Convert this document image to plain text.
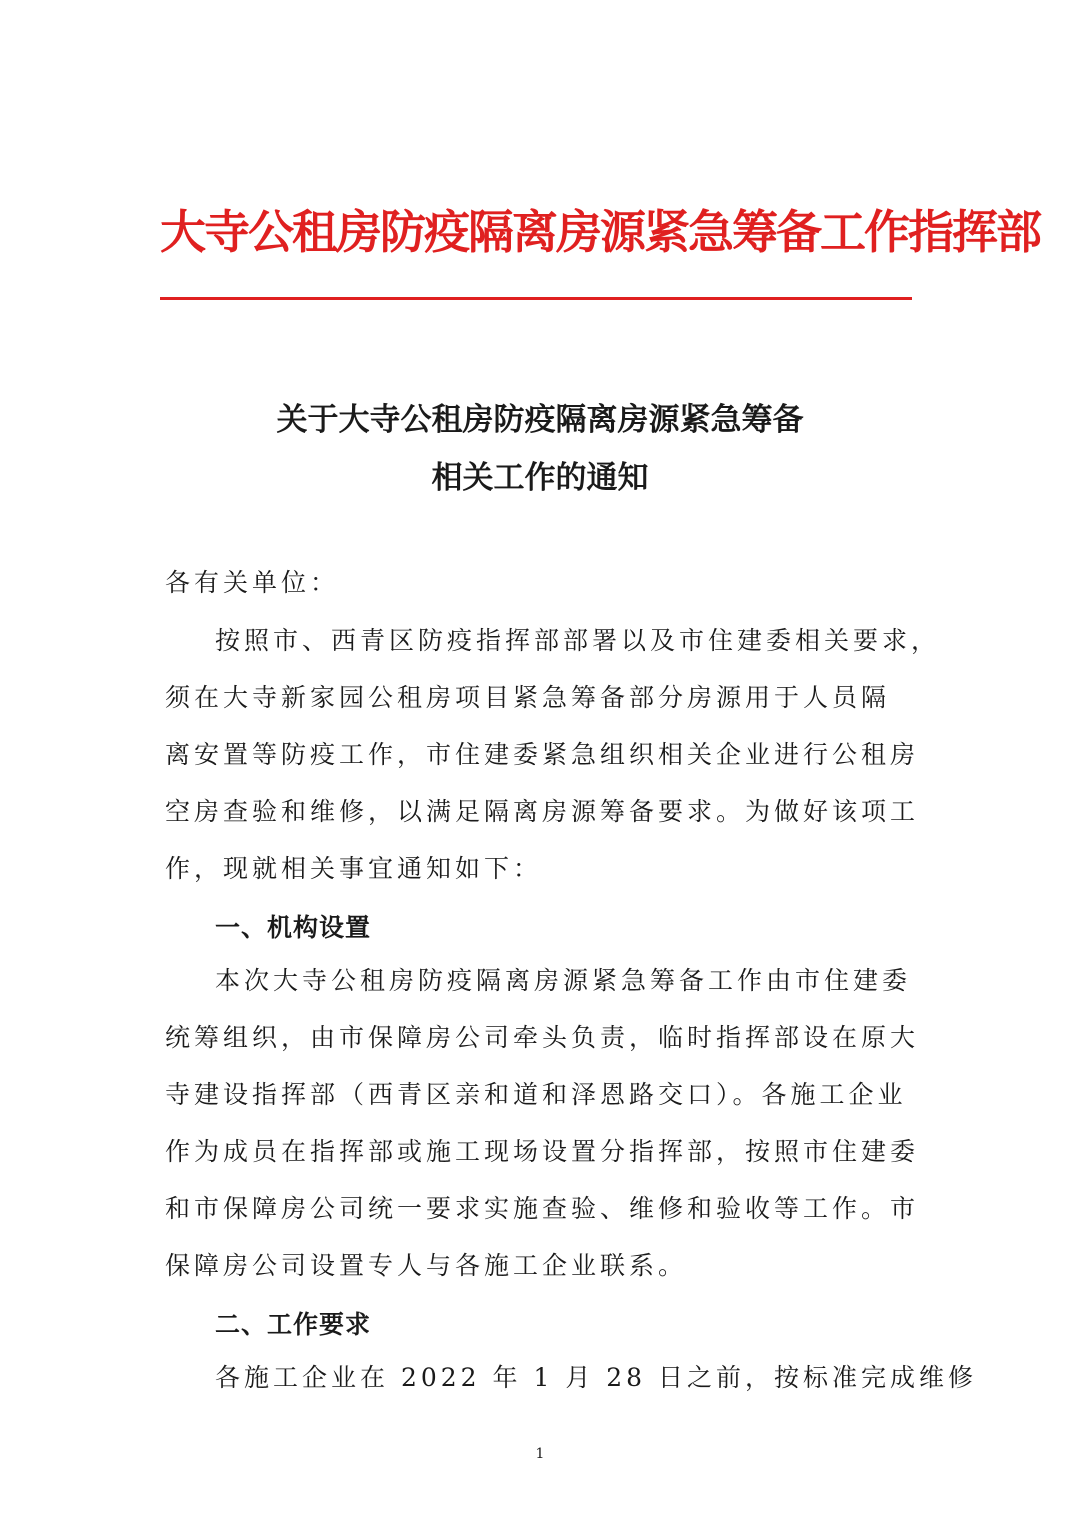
大寺公租房防疫隔离房源紧急筹备工作指挥部
关于大寺公租房防疫隔离房源紧急筹备
相关工作的通知
各有关单位：
按照市、西青区防疫指挥部部署以及市住建委相关要求，
须在大寺新家园公租房项目紧急筹备部分房源用于人员隔
离安置等防疫工作，市住建委紧急组织相关企业进行公租房
空房查验和维修，以满足隔离房源筹备要求。为做好该项工
作，现就相关事宜通知如下：
一、机构设置
本次大寺公租房防疫隔离房源紧急筹备工作由市住建委
统筹组织，由市保障房公司牵头负责，临时指挥部设在原大
寺建设指挥部（西青区亲和道和泽恩路交口）。各施工企业
作为成员在指挥部或施工现场设置分指挥部，按照市住建委
和市保障房公司统一要求实施查验、维修和验收等工作。市
保障房公司设置专人与各施工企业联系。
二、工作要求
各施工企业在 2022 年 1 月 28 日之前，按标准完成维修
1
